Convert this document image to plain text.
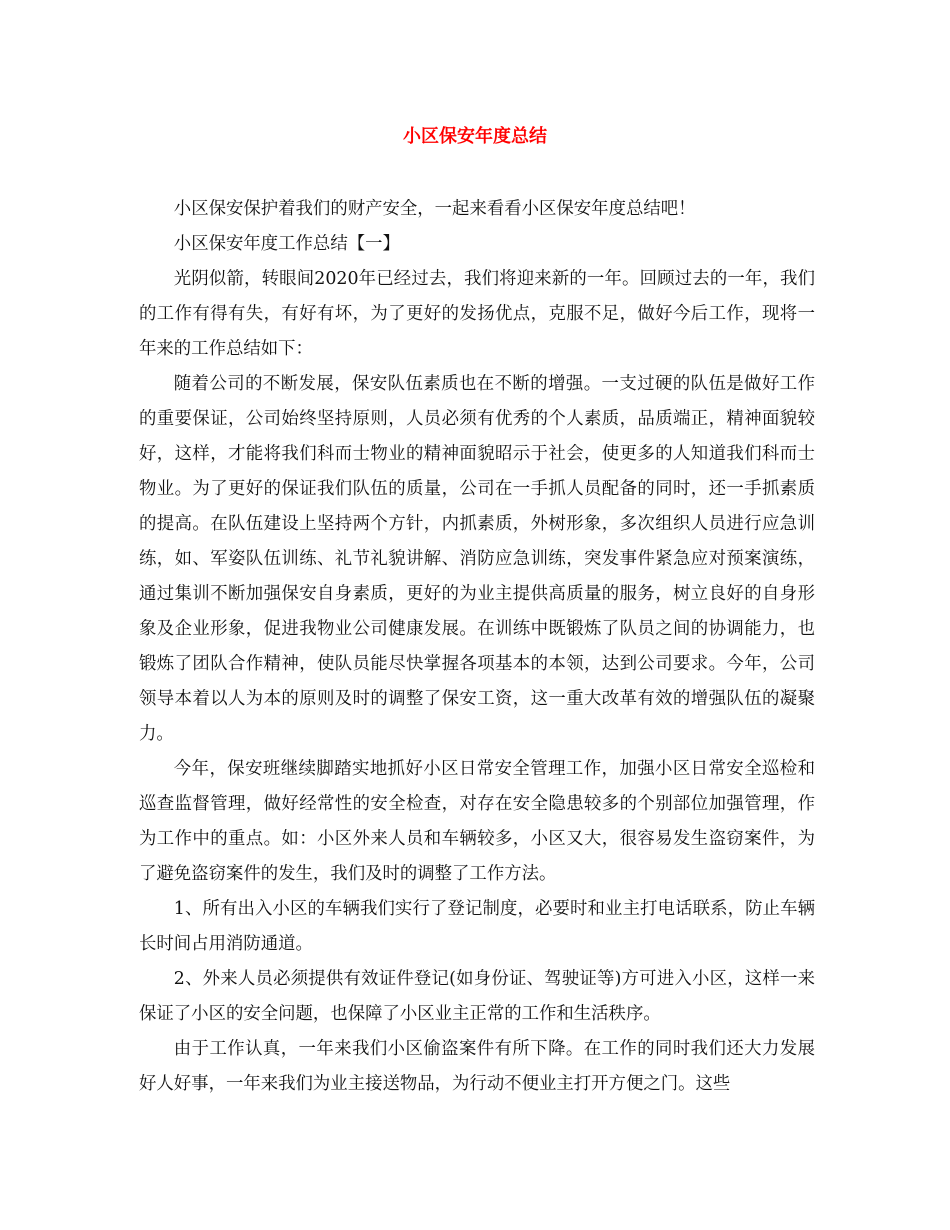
小区保安年度总结

小区保安保护着我们的财产安全，一起来看看小区保安年度总结吧！

小区保安年度工作总结【一】

光阴似箭，转眼间2020年已经过去，我们将迎来新的一年。回顾过去的一年，我们的工作有得有失，有好有坏，为了更好的发扬优点，克服不足，做好今后工作，现将一年来的工作总结如下：

随着公司的不断发展，保安队伍素质也在不断的增强。一支过硬的队伍是做好工作的重要保证，公司始终坚持原则，人员必须有优秀的个人素质，品质端正，精神面貌较好，这样，才能将我们科而士物业的精神面貌昭示于社会，使更多的人知道我们科而士物业。为了更好的保证我们队伍的质量，公司在一手抓人员配备的同时，还一手抓素质的提高。在队伍建设上坚持两个方针，内抓素质，外树形象，多次组织人员进行应急训练，如、军姿队伍训练、礼节礼貌讲解、消防应急训练，突发事件紧急应对预案演练，通过集训不断加强保安自身素质，更好的为业主提供高质量的服务，树立良好的自身形象及企业形象，促进我物业公司健康发展。在训练中既锻炼了队员之间的协调能力，也锻炼了团队合作精神，使队员能尽快掌握各项基本的本领，达到公司要求。今年，公司领导本着以人为本的原则及时的调整了保安工资，这一重大改革有效的增强队伍的凝聚力。

今年，保安班继续脚踏实地抓好小区日常安全管理工作，加强小区日常安全巡检和巡查监督管理，做好经常性的安全检查，对存在安全隐患较多的个别部位加强管理，作为工作中的重点。如：小区外来人员和车辆较多，小区又大，很容易发生盗窃案件，为了避免盗窃案件的发生，我们及时的调整了工作方法。

1、所有出入小区的车辆我们实行了登记制度，必要时和业主打电话联系，防止车辆长时间占用消防通道。

2、外来人员必须提供有效证件登记(如身份证、驾驶证等)方可进入小区，这样一来保证了小区的安全问题，也保障了小区业主正常的工作和生活秩序。

由于工作认真，一年来我们小区偷盗案件有所下降。在工作的同时我们还大力发展好人好事，一年来我们为业主接送物品，为行动不便业主打开方便之门。这些
